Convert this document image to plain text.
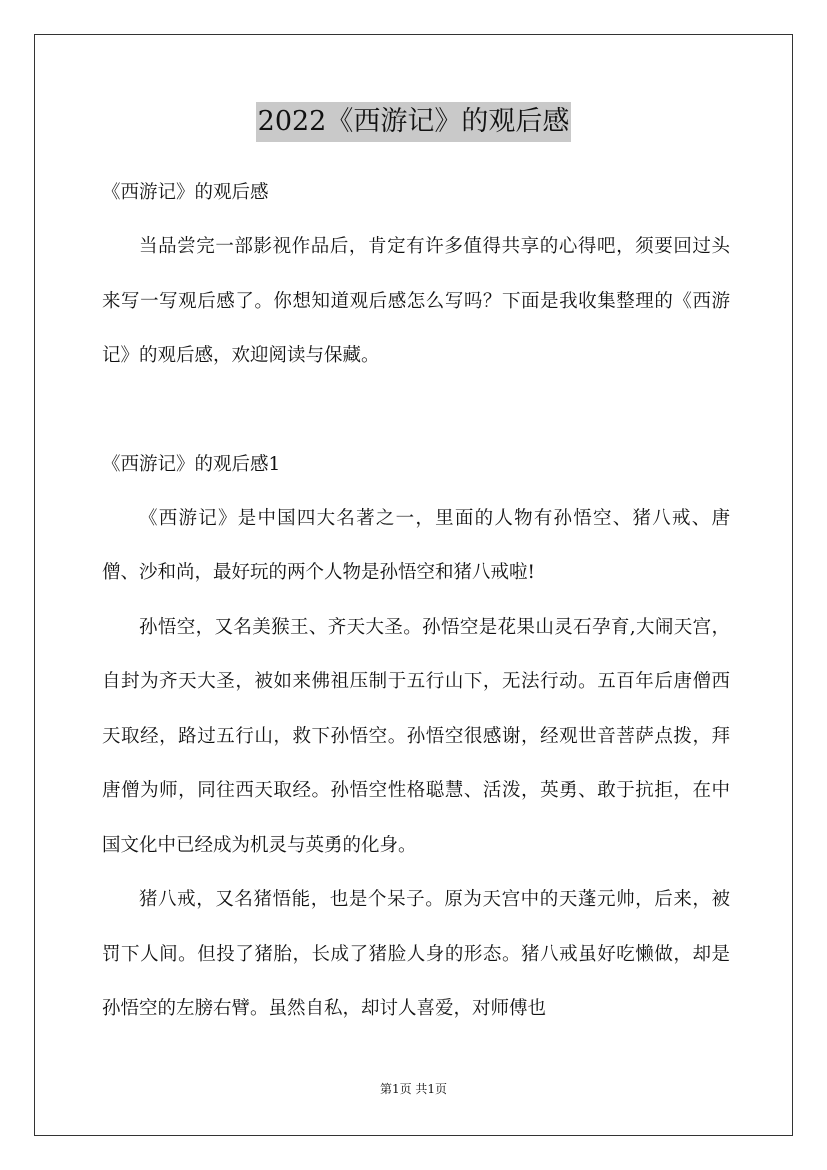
2022《西游记》的观后感

《西游记》的观后感

当品尝完一部影视作品后，肯定有许多值得共享的心得吧，须要回过头来写一写观后感了。你想知道观后感怎么写吗？下面是我收集整理的《西游记》的观后感，欢迎阅读与保藏。

《西游记》的观后感1

《西游记》是中国四大名著之一，里面的人物有孙悟空、猪八戒、唐僧、沙和尚，最好玩的两个人物是孙悟空和猪八戒啦!

孙悟空，又名美猴王、齐天大圣。孙悟空是花果山灵石孕育,大闹天宫，自封为齐天大圣，被如来佛祖压制于五行山下，无法行动。五百年后唐僧西天取经，路过五行山，救下孙悟空。孙悟空很感谢，经观世音菩萨点拨，拜唐僧为师，同往西天取经。孙悟空性格聪慧、活泼，英勇、敢于抗拒，在中国文化中已经成为机灵与英勇的化身。

猪八戒，又名猪悟能，也是个呆子。原为天宫中的天蓬元帅，后来，被罚下人间。但投了猪胎，长成了猪脸人身的形态。猪八戒虽好吃懒做，却是孙悟空的左膀右臂。虽然自私，却讨人喜爱，对师傅也

第1页 共1页
